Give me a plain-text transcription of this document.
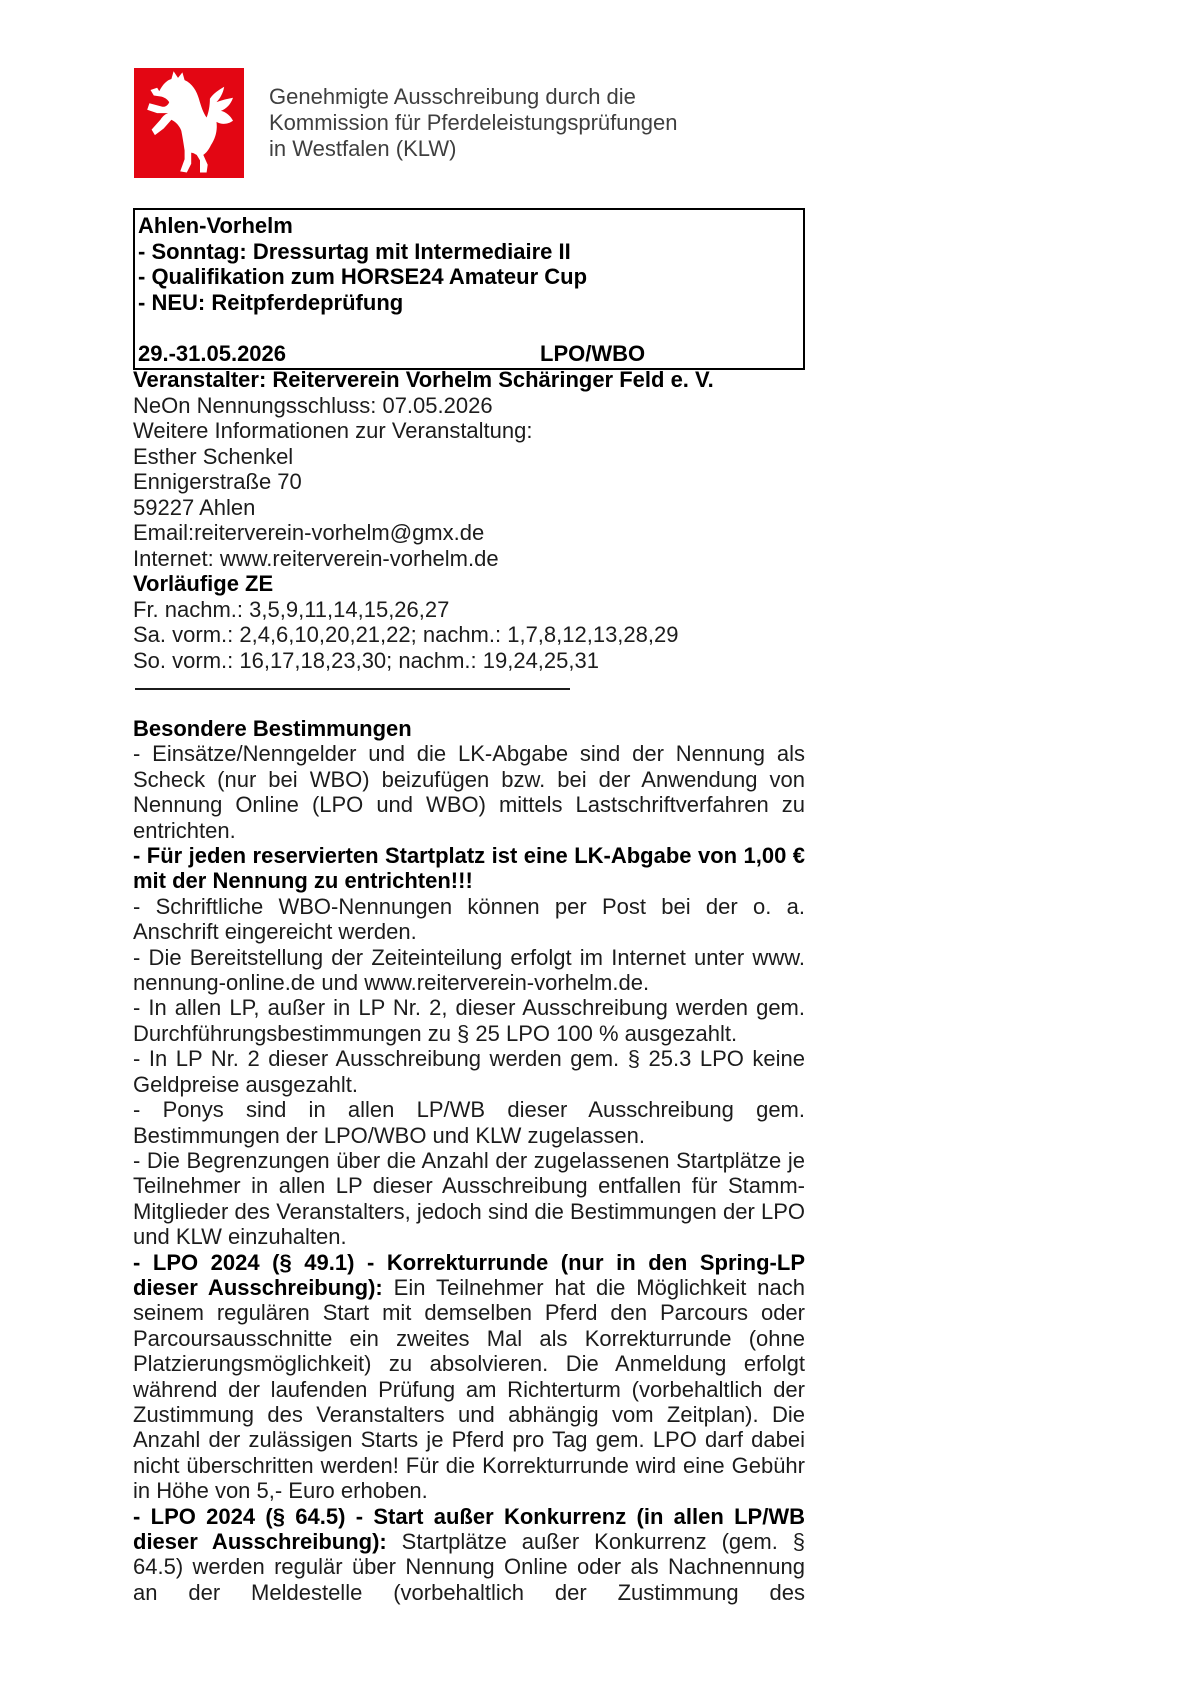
Genehmigte Ausschreibung durch die
Kommission für Pferdeleistungsprüfungen
in Westfalen (KLW)
Ahlen-Vorhelm
- Sonntag: Dressurtag mit Intermediaire II
- Qualifikation zum HORSE24 Amateur Cup
- NEU: Reitpferdeprüfung
29.-31.05.2026	LPO/WBO
Veranstalter: Reiterverein Vorhelm Schäringer Feld e. V.
NeOn Nennungsschluss: 07.05.2026
Weitere Informationen zur Veranstaltung:
Esther Schenkel
Ennigerstraße 70
59227 Ahlen
Email:reiterverein-vorhelm@gmx.de
Internet: www.reiterverein-vorhelm.de
Vorläufige ZE
Fr. nachm.: 3,5,9,11,14,15,26,27
Sa. vorm.: 2,4,6,10,20,21,22; nachm.: 1,7,8,12,13,28,29
So. vorm.: 16,17,18,23,30; nachm.: 19,24,25,31
Besondere Bestimmungen

- Einsätze/Nenngelder und die LK-Abgabe sind der Nennung als Scheck (nur bei WBO) beizufügen bzw. bei der Anwendung von Nennung Online (LPO und WBO) mittels Lastschriftverfahren zu entrichten.

- Für jeden reservierten Startplatz ist eine LK-Abgabe von 1,00 € mit der Nennung zu entrichten!!!

- Schriftliche WBO-Nennungen können per Post bei der o. a. Anschrift eingereicht werden.

- Die Bereitstellung der Zeiteinteilung erfolgt im Internet unter www. nennung-online.de und www.reiterverein-vorhelm.de.

- In allen LP, außer in LP Nr. 2, dieser Ausschreibung werden gem. Durchführungsbestimmungen zu § 25 LPO 100 % ausgezahlt.

- In LP Nr. 2 dieser Ausschreibung werden gem. § 25.3 LPO keine Geldpreise ausgezahlt.

- Ponys sind in allen LP/WB dieser Ausschreibung gem. Bestimmungen der LPO/WBO und KLW zugelassen.

- Die Begrenzungen über die Anzahl der zugelassenen Startplätze je Teilnehmer in allen LP dieser Ausschreibung entfallen für Stamm-Mitglieder des Veranstalters, jedoch sind die Bestimmungen der LPO und KLW einzuhalten.

- LPO 2024 (§ 49.1) - Korrekturrunde (nur in den Spring-LP dieser Ausschreibung): Ein Teilnehmer hat die Möglichkeit nach seinem regulären Start mit demselben Pferd den Parcours oder Parcoursausschnitte ein zweites Mal als Korrekturrunde (ohne Platzierungsmöglichkeit) zu absolvieren. Die Anmeldung erfolgt während der laufenden Prüfung am Richterturm (vorbehaltlich der Zustimmung des Veranstalters und abhängig vom Zeitplan). Die Anzahl der zulässigen Starts je Pferd pro Tag gem. LPO darf dabei nicht überschritten werden! Für die Korrekturrunde wird eine Gebühr in Höhe von 5,- Euro erhoben.

- LPO 2024 (§ 64.5) - Start außer Konkurrenz (in allen LP/WB dieser Ausschreibung): Startplätze außer Konkurrenz (gem. § 64.5) werden regulär über Nennung Online oder als Nachnennung an der Meldestelle (vorbehaltlich der Zustimmung des
